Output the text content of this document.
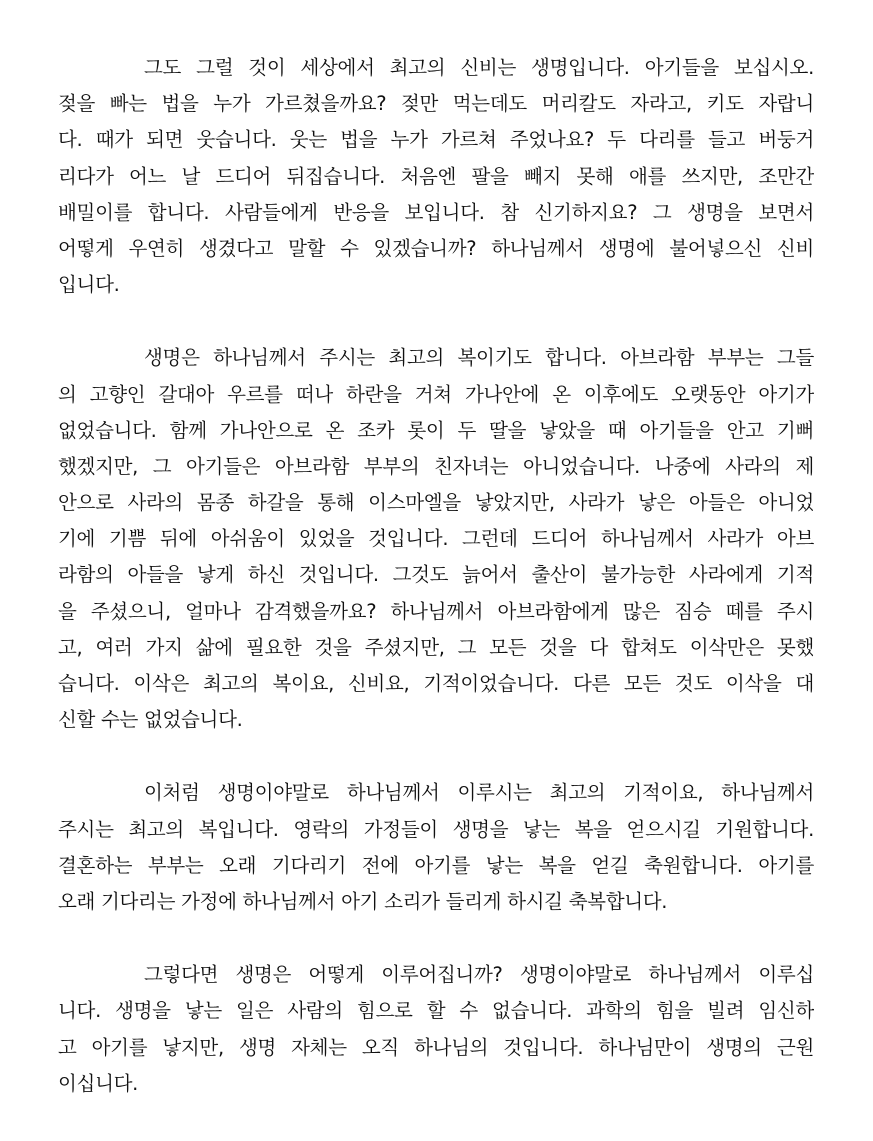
그도 그럴 것이 세상에서 최고의 신비는 생명입니다. 아기들을 보십시오.
젖을 빠는 법을 누가 가르쳤을까요? 젖만 먹는데도 머리칼도 자라고, 키도 자랍니
다. 때가 되면 웃습니다. 웃는 법을 누가 가르쳐 주었나요? 두 다리를 들고 버둥거
리다가 어느 날 드디어 뒤집습니다. 처음엔 팔을 빼지 못해 애를 쓰지만, 조만간
배밀이를 합니다. 사람들에게 반응을 보입니다. 참 신기하지요? 그 생명을 보면서
어떻게 우연히 생겼다고 말할 수 있겠습니까? 하나님께서 생명에 불어넣으신 신비
입니다.
생명은 하나님께서 주시는 최고의 복이기도 합니다. 아브라함 부부는 그들
의 고향인 갈대아 우르를 떠나 하란을 거쳐 가나안에 온 이후에도 오랫동안 아기가
없었습니다. 함께 가나안으로 온 조카 롯이 두 딸을 낳았을 때 아기들을 안고 기뻐
했겠지만, 그 아기들은 아브라함 부부의 친자녀는 아니었습니다. 나중에 사라의 제
안으로 사라의 몸종 하갈을 통해 이스마엘을 낳았지만, 사라가 낳은 아들은 아니었
기에 기쁨 뒤에 아쉬움이 있었을 것입니다. 그런데 드디어 하나님께서 사라가 아브
라함의 아들을 낳게 하신 것입니다. 그것도 늙어서 출산이 불가능한 사라에게 기적
을 주셨으니, 얼마나 감격했을까요? 하나님께서 아브라함에게 많은 짐승 떼를 주시
고, 여러 가지 삶에 필요한 것을 주셨지만, 그 모든 것을 다 합쳐도 이삭만은 못했
습니다. 이삭은 최고의 복이요, 신비요, 기적이었습니다. 다른 모든 것도 이삭을 대
신할 수는 없었습니다.
이처럼 생명이야말로 하나님께서 이루시는 최고의 기적이요, 하나님께서
주시는 최고의 복입니다. 영락의 가정들이 생명을 낳는 복을 얻으시길 기원합니다.
결혼하는 부부는 오래 기다리기 전에 아기를 낳는 복을 얻길 축원합니다. 아기를
오래 기다리는 가정에 하나님께서 아기 소리가 들리게 하시길 축복합니다.
그렇다면 생명은 어떻게 이루어집니까? 생명이야말로 하나님께서 이루십
니다. 생명을 낳는 일은 사람의 힘으로 할 수 없습니다. 과학의 힘을 빌려 임신하
고 아기를 낳지만, 생명 자체는 오직 하나님의 것입니다. 하나님만이 생명의 근원
이십니다.
